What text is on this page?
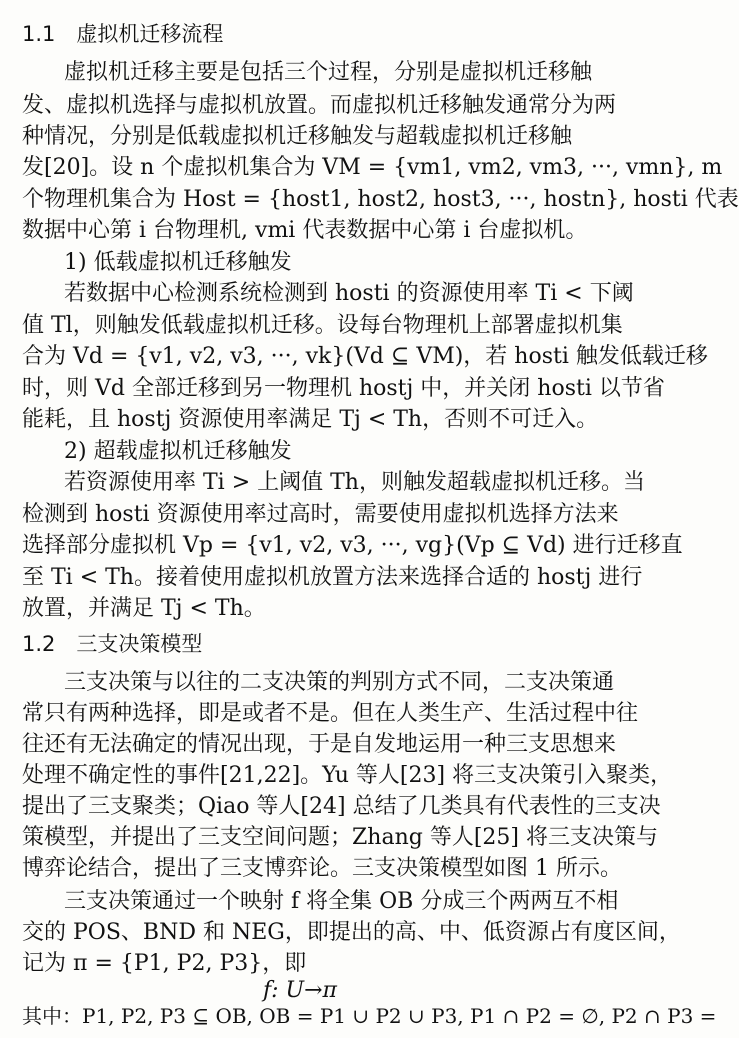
1.1　虚拟机迁移流程
虚拟机迁移主要是包括三个过程，分别是虚拟机迁移触
发、虚拟机选择与虚拟机放置。而虚拟机迁移触发通常分为两
种情况，分别是低载虚拟机迁移触发与超载虚拟机迁移触
发[20]。设 n 个虚拟机集合为 VM = {vm1, vm2, vm3, ···, vmn}, m
个物理机集合为 Host = {host1, host2, host3, ···, hostn}, hosti 代表
数据中心第 i 台物理机, vmi 代表数据中心第 i 台虚拟机。
1) 低载虚拟机迁移触发
若数据中心检测系统检测到 hosti 的资源使用率 Ti < 下阈
值 Tl，则触发低载虚拟机迁移。设每台物理机上部署虚拟机集
合为 Vd = {v1, v2, v3, ···, vk}(Vd ⊆ VM)，若 hosti 触发低载迁移
时，则 Vd 全部迁移到另一物理机 hostj 中，并关闭 hosti 以节省
能耗，且 hostj 资源使用率满足 Tj < Th，否则不可迁入。
2) 超载虚拟机迁移触发
若资源使用率 Ti > 上阈值 Th，则触发超载虚拟机迁移。当
检测到 hosti 资源使用率过高时，需要使用虚拟机选择方法来
选择部分虚拟机 Vp = {v1, v2, v3, ···, vg}(Vp ⊆ Vd) 进行迁移直
至 Ti < Th。接着使用虚拟机放置方法来选择合适的 hostj 进行
放置，并满足 Tj < Th。
1.2　三支决策模型
三支决策与以往的二支决策的判别方式不同，二支决策通
常只有两种选择，即是或者不是。但在人类生产、生活过程中往
往还有无法确定的情况出现，于是自发地运用一种三支思想来
处理不确定性的事件[21,22]。Yu 等人[23] 将三支决策引入聚类，
提出了三支聚类；Qiao 等人[24] 总结了几类具有代表性的三支决
策模型，并提出了三支空间问题；Zhang 等人[25] 将三支决策与
博弈论结合，提出了三支博弈论。三支决策模型如图 1 所示。
三支决策通过一个映射 f 将全集 OB 分成三个两两互不相
交的 POS、BND 和 NEG，即提出的高、中、低资源占有度区间，
记为 π = {P1, P2, P3}，即
f: U→π
其中：P1, P2, P3 ⊆ OB, OB = P1 ∪ P2 ∪ P3, P1 ∩ P2 = ∅, P2 ∩ P3 =
